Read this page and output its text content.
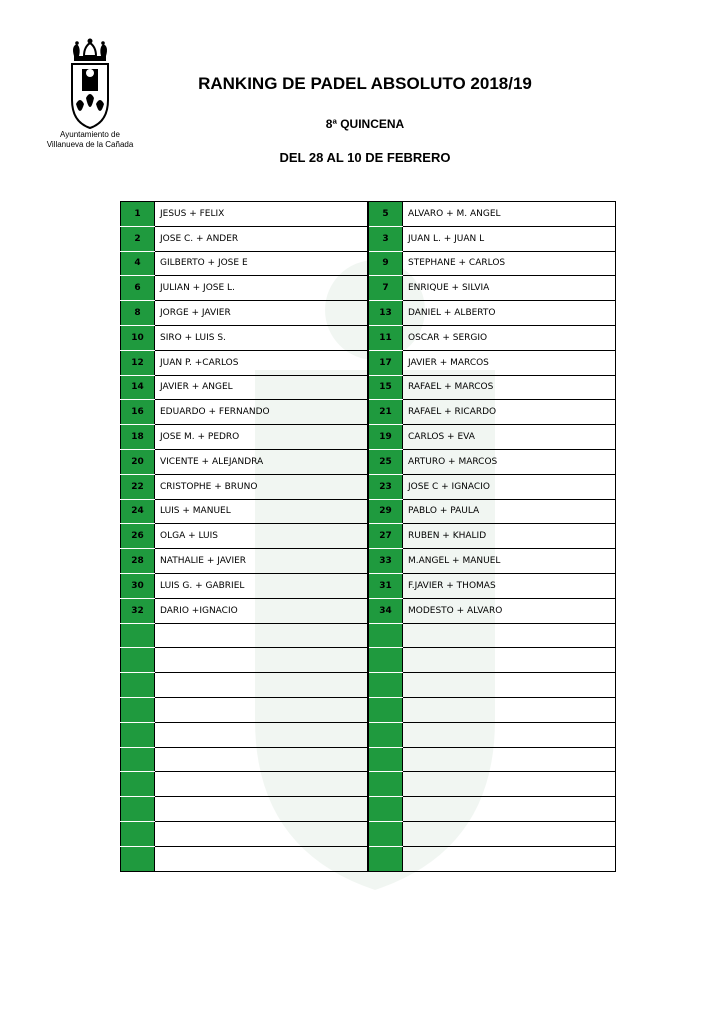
Ayuntamiento de
Villanueva de la Cañada
RANKING DE PADEL ABSOLUTO 2018/19
8ª QUINCENA
DEL 28 AL 10 DE FEBRERO
1	JESUS + FELIX	5	ALVARO + M. ANGEL
2	JOSE C. + ANDER	3	JUAN L. + JUAN L
4	GILBERTO + JOSE E	9	STEPHANE + CARLOS
6	JULIAN + JOSE L.	7	ENRIQUE + SILVIA
8	JORGE + JAVIER	13	DANIEL + ALBERTO
10	SIRO + LUIS S.	11	OSCAR + SERGIO
12	JUAN P. +CARLOS	17	JAVIER + MARCOS
14	JAVIER + ANGEL	15	RAFAEL + MARCOS
16	EDUARDO + FERNANDO	21	RAFAEL + RICARDO
18	JOSE M. + PEDRO	19	CARLOS + EVA
20	VICENTE + ALEJANDRA	25	ARTURO + MARCOS
22	CRISTOPHE + BRUNO	23	JOSE C + IGNACIO
24	LUIS + MANUEL	29	PABLO + PAULA
26	OLGA + LUIS	27	RUBEN + KHALID
28	NATHALIE + JAVIER	33	M.ANGEL + MANUEL
30	LUIS G. + GABRIEL	31	F.JAVIER + THOMAS
32	DARIO +IGNACIO	34	MODESTO + ALVARO
